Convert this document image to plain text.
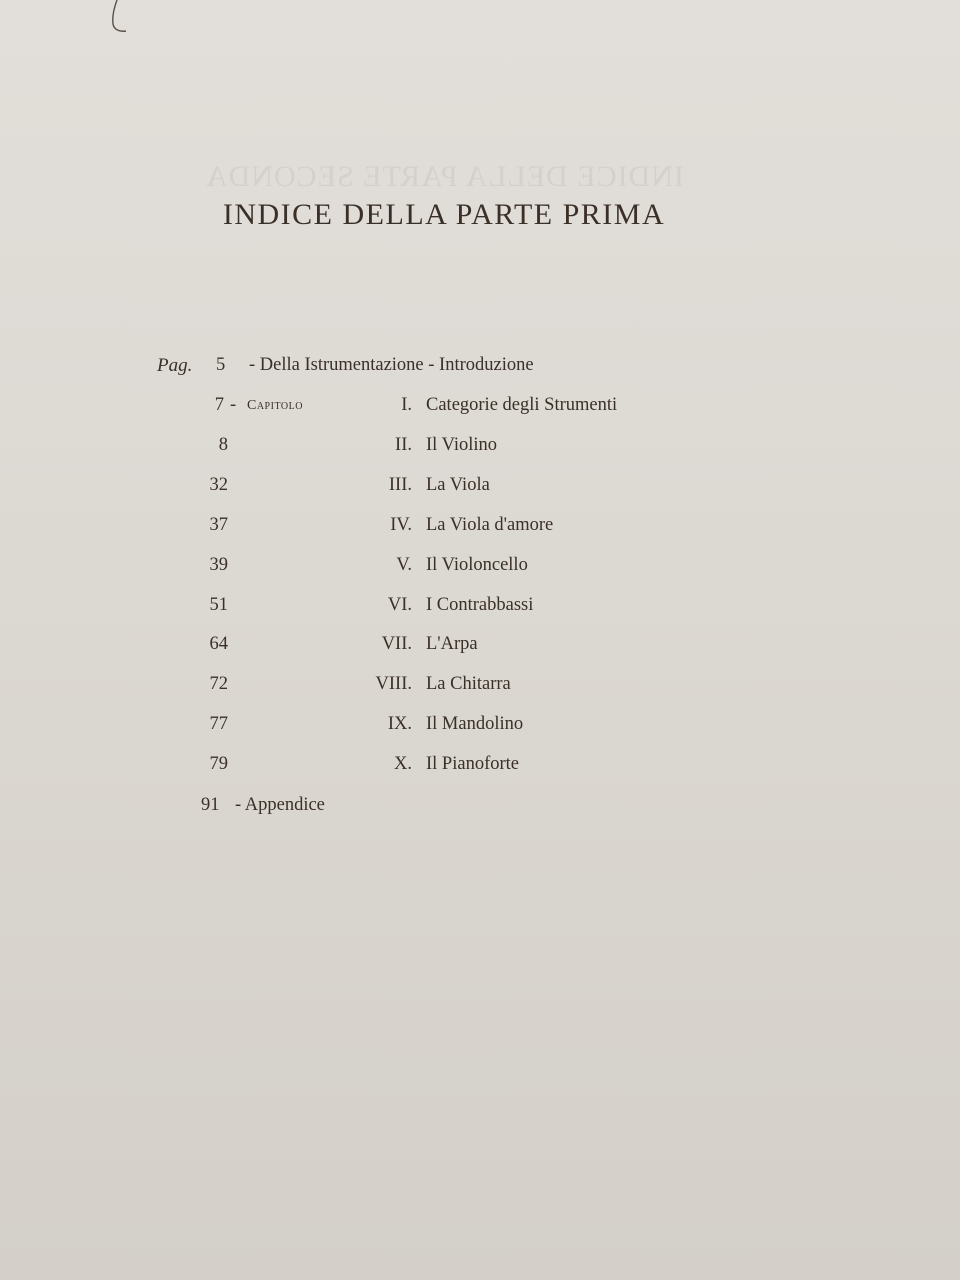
INDICE DELLA PARTE SECONDA
INDICE DELLA PARTE PRIMA
Pag. 5 - Della Istrumentazione - Introduzione
7 - Capitolo	I. Categorie degli Strumenti
8	II. Il Violino
32	III. La Viola
37	IV. La Viola d'amore
39	V. Il Violoncello
51	VI. I Contrabbassi
64	VII. L'Arpa
72	VIII. La Chitarra
77	IX. Il Mandolino
79	X. Il Pianoforte
91 - Appendice
